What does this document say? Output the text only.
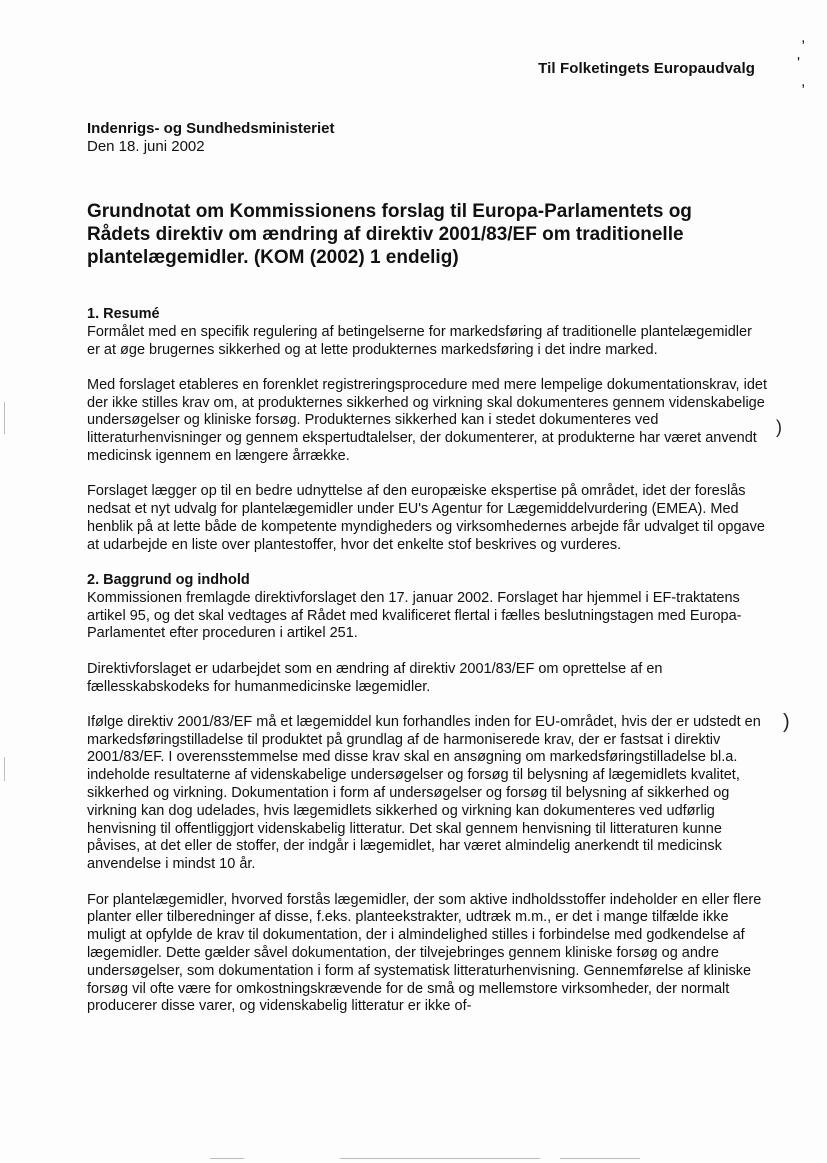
Til Folketingets Europaudvalg
,
'
,
Indenrigs- og Sundhedsministeriet
Den 18. juni 2002
Grundnotat om Kommissionens forslag til Europa-Parlamentets og Rådets direktiv om ændring af direktiv 2001/83/EF om traditionelle plantelægemidler. (KOM (2002) 1 endelig)

1. Resumé

Formålet med en specifik regulering af betingelserne for markedsføring af traditionelle plantelægemidler er at øge brugernes sikkerhed og at lette produkternes markedsføring i det indre marked.

Med forslaget etableres en forenklet registreringsprocedure med mere lempelige dokumentationskrav, idet der ikke stilles krav om, at produkternes sikkerhed og virkning skal dokumenteres gennem videnskabelige undersøgelser og kliniske forsøg. Produkternes sikkerhed kan i stedet dokumenteres ved litteraturhenvisninger og gennem ekspertudtalelser, der dokumenterer, at produkterne har været anvendt medicinsk igennem en længere årrække.

Forslaget lægger op til en bedre udnyttelse af den europæiske ekspertise på området, idet der foreslås nedsat et nyt udvalg for plantelægemidler under EU's Agentur for Lægemiddelvurdering (EMEA). Med henblik på at lette både de kompetente myndigheders og virksomhedernes arbejde får udvalget til opgave at udarbejde en liste over plantestoffer, hvor det enkelte stof beskrives og vurderes.

2. Baggrund og indhold

Kommissionen fremlagde direktivforslaget den 17. januar 2002. Forslaget har hjemmel i EF-traktatens artikel 95, og det skal vedtages af Rådet med kvalificeret flertal i fælles beslutningstagen med Europa-Parlamentet efter proceduren i artikel 251.

Direktivforslaget er udarbejdet som en ændring af direktiv 2001/83/EF om oprettelse af en fællesskabskodeks for humanmedicinske lægemidler.

Ifølge direktiv 2001/83/EF må et lægemiddel kun forhandles inden for EU-området, hvis der er udstedt en markedsføringstilladelse til produktet på grundlag af de harmoniserede krav, der er fastsat i direktiv 2001/83/EF. I overensstemmelse med disse krav skal en ansøgning om markedsføringstilladelse bl.a. indeholde resultaterne af videnskabelige undersøgelser og forsøg til belysning af lægemidlets kvalitet, sikkerhed og virkning. Dokumentation i form af undersøgelser og forsøg til belysning af sikkerhed og virkning kan dog udelades, hvis lægemidlets sikkerhed og virkning kan dokumenteres ved udførlig henvisning til offentliggjort videnskabelig litteratur. Det skal gennem henvisning til litteraturen kunne påvises, at det eller de stoffer, der indgår i lægemidlet, har været almindelig anerkendt til medicinsk anvendelse i mindst 10 år.

For plantelægemidler, hvorved forstås lægemidler, der som aktive indholdsstoffer indeholder en eller flere planter eller tilberedninger af disse, f.eks. planteekstrakter, udtræk m.m., er det i mange tilfælde ikke muligt at opfylde de krav til dokumentation, der i almindelighed stilles i forbindelse med godkendelse af lægemidler. Dette gælder såvel dokumentation, der tilvejebringes gennem kliniske forsøg og andre undersøgelser, som dokumentation i form af systematisk litteraturhenvisning. Gennemførelse af kliniske forsøg vil ofte være for omkostningskrævende for de små og mellemstore virksomheder, der normalt producerer disse varer, og videnskabelig litteratur er ikke of-

)
)
